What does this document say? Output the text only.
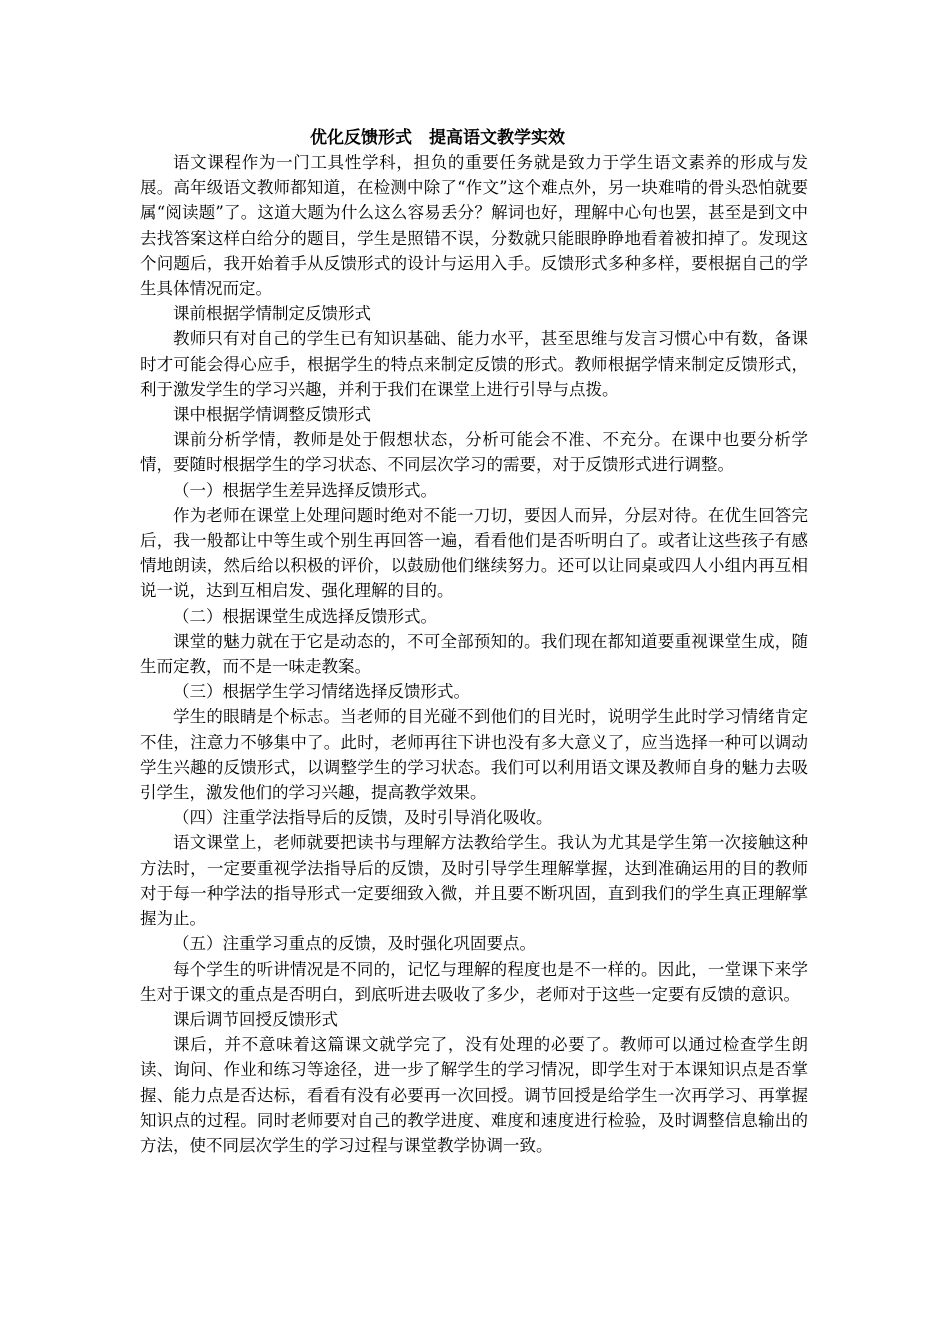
优化反馈形式　提高语文教学实效

语文课程作为一门工具性学科，担负的重要任务就是致力于学生语文素养的形成与发展。高年级语文教师都知道，在检测中除了“作文”这个难点外，另一块难啃的骨头恐怕就要属“阅读题”了。这道大题为什么这么容易丢分？解词也好，理解中心句也罢，甚至是到文中去找答案这样白给分的题目，学生是照错不误，分数就只能眼睁睁地看着被扣掉了。发现这个问题后，我开始着手从反馈形式的设计与运用入手。反馈形式多种多样，要根据自己的学生具体情况而定。

课前根据学情制定反馈形式

教师只有对自己的学生已有知识基础、能力水平，甚至思维与发言习惯心中有数，备课时才可能会得心应手，根据学生的特点来制定反馈的形式。教师根据学情来制定反馈形式，利于激发学生的学习兴趣，并利于我们在课堂上进行引导与点拨。

课中根据学情调整反馈形式

课前分析学情，教师是处于假想状态，分析可能会不准、不充分。在课中也要分析学情，要随时根据学生的学习状态、不同层次学习的需要，对于反馈形式进行调整。

（一）根据学生差异选择反馈形式。

作为老师在课堂上处理问题时绝对不能一刀切，要因人而异，分层对待。在优生回答完后，我一般都让中等生或个别生再回答一遍，看看他们是否听明白了。或者让这些孩子有感情地朗读，然后给以积极的评价，以鼓励他们继续努力。还可以让同桌或四人小组内再互相说一说，达到互相启发、强化理解的目的。

（二）根据课堂生成选择反馈形式。

课堂的魅力就在于它是动态的，不可全部预知的。我们现在都知道要重视课堂生成，随生而定教，而不是一味走教案。

（三）根据学生学习情绪选择反馈形式。

学生的眼睛是个标志。当老师的目光碰不到他们的目光时，说明学生此时学习情绪肯定不佳，注意力不够集中了。此时，老师再往下讲也没有多大意义了，应当选择一种可以调动学生兴趣的反馈形式，以调整学生的学习状态。我们可以利用语文课及教师自身的魅力去吸引学生，激发他们的学习兴趣，提高教学效果。

（四）注重学法指导后的反馈，及时引导消化吸收。

语文课堂上，老师就要把读书与理解方法教给学生。我认为尤其是学生第一次接触这种方法时，一定要重视学法指导后的反馈，及时引导学生理解掌握，达到准确运用的目的教师对于每一种学法的指导形式一定要细致入微，并且要不断巩固，直到我们的学生真正理解掌握为止。

（五）注重学习重点的反馈，及时强化巩固要点。

每个学生的听讲情况是不同的，记忆与理解的程度也是不一样的。因此，一堂课下来学生对于课文的重点是否明白，到底听进去吸收了多少，老师对于这些一定要有反馈的意识。

课后调节回授反馈形式

课后，并不意味着这篇课文就学完了，没有处理的必要了。教师可以通过检查学生朗读、询问、作业和练习等途径，进一步了解学生的学习情况，即学生对于本课知识点是否掌握、能力点是否达标，看看有没有必要再一次回授。调节回授是给学生一次再学习、再掌握知识点的过程。同时老师要对自己的教学进度、难度和速度进行检验，及时调整信息输出的方法，使不同层次学生的学习过程与课堂教学协调一致。
